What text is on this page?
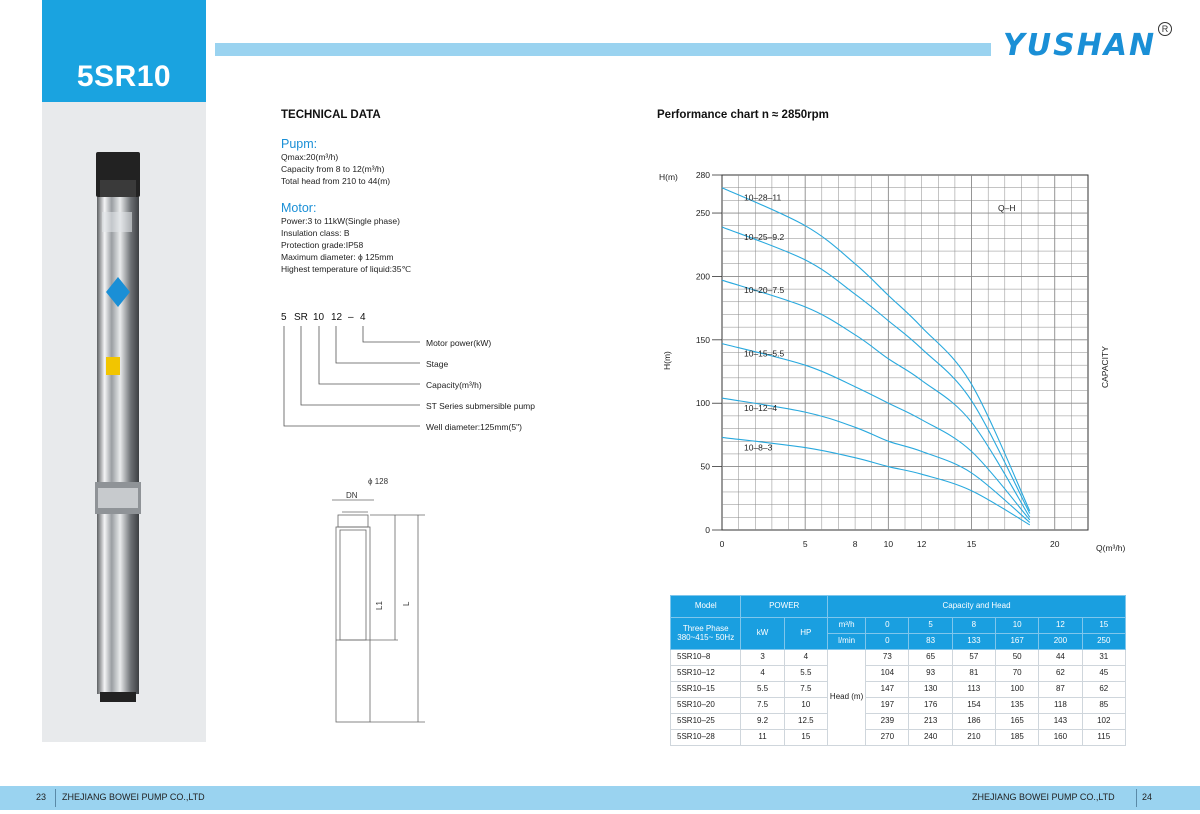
5SR10
YUSHAN R
TECHNICAL DATA
Pupm:
Qmax:20(m³/h)
Capacity from 8 to 12(m³/h)
Total head from 210 to 44(m)
Motor:
Power:3 to 11kW(Single phase)
Insulation class: B
Protection grade:IP58
Maximum diameter: ϕ 125mm
Highest temperature of liquid:35℃
5 SR 10 12 – 4
Motor power(kW)
Stage
Capacity(m³/h)
ST Series submersible pump
Well diameter:125mm(5")
ϕ 128
DN
L1 L
Performance chart n ≈ 2850rpm
0
50
100
150
200
250
280
0	5	8	10	12	15	20
10–28–11
10–25–9.2
10–20–7.5
10–15–5.5
10–12–4
10–8–3
H(m)
H(m)
Q(m³/h)
CAPACITY
Q–H
Model	POWER		Capacity and Head						
Three Phase 380~415~ 50Hz	kW	HP	m³/h	0	5	8	10	12	15
			l/min	0	83	133	167	200	250
5SR10–8	3	4	Head (m)	73	65	57	50	44	31
5SR10–12	4	5.5		104	93	81	70	62	45
5SR10–15	5.5	7.5		147	130	113	100	87	62
5SR10–20	7.5	10		197	176	154	135	118	85
5SR10–25	9.2	12.5		239	213	186	165	143	102
5SR10–28	11	15		270	240	210	185	160	115
23 ZHEJIANG BOWEI PUMP CO.,LTD	ZHEJIANG BOWEI PUMP CO.,LTD	24
